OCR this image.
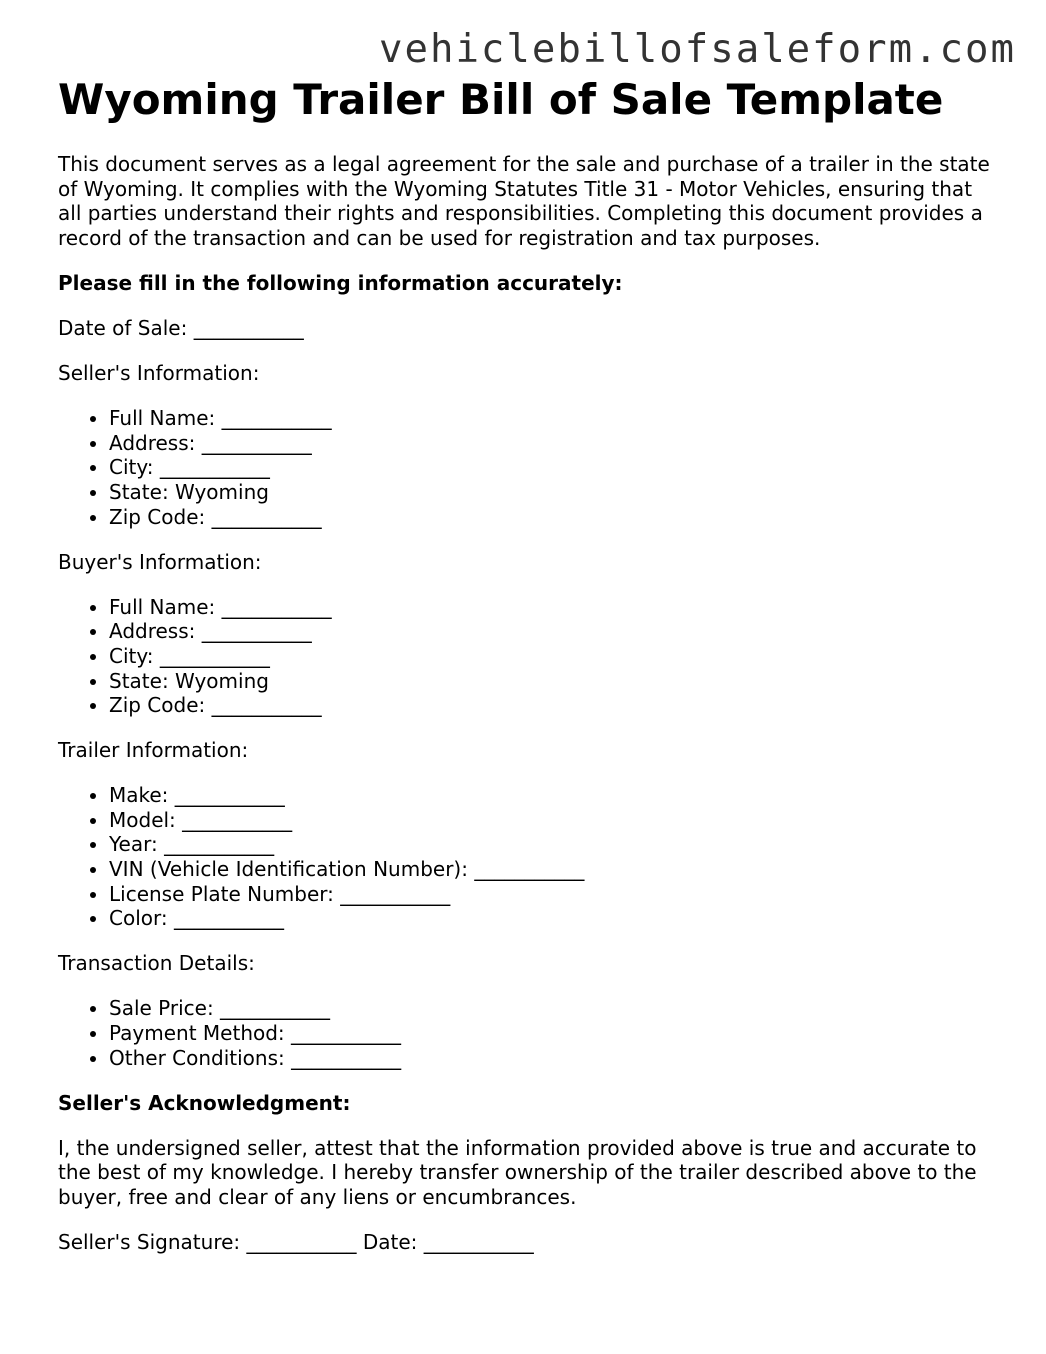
vehiclebillofsaleform.com
Wyoming Trailer Bill of Sale Template

This document serves as a legal agreement for the sale and purchase of a trailer in the state of Wyoming. It complies with the Wyoming Statutes Title 31 - Motor Vehicles, ensuring that all parties understand their rights and responsibilities. Completing this document provides a record of the transaction and can be used for registration and tax purposes.

Please fill in the following information accurately:

Date of Sale: ___________

Seller's Information:

• Full Name: ___________
• Address: ___________
• City: ___________
• State: Wyoming
• Zip Code: ___________

Buyer's Information:

• Full Name: ___________
• Address: ___________
• City: ___________
• State: Wyoming
• Zip Code: ___________

Trailer Information:

• Make: ___________
• Model: ___________
• Year: ___________
• VIN (Vehicle Identification Number): ___________
• License Plate Number: ___________
• Color: ___________

Transaction Details:

• Sale Price: ___________
• Payment Method: ___________
• Other Conditions: ___________

Seller's Acknowledgment:

I, the undersigned seller, attest that the information provided above is true and accurate to the best of my knowledge. I hereby transfer ownership of the trailer described above to the buyer, free and clear of any liens or encumbrances.

Seller's Signature: ___________ Date: ___________
